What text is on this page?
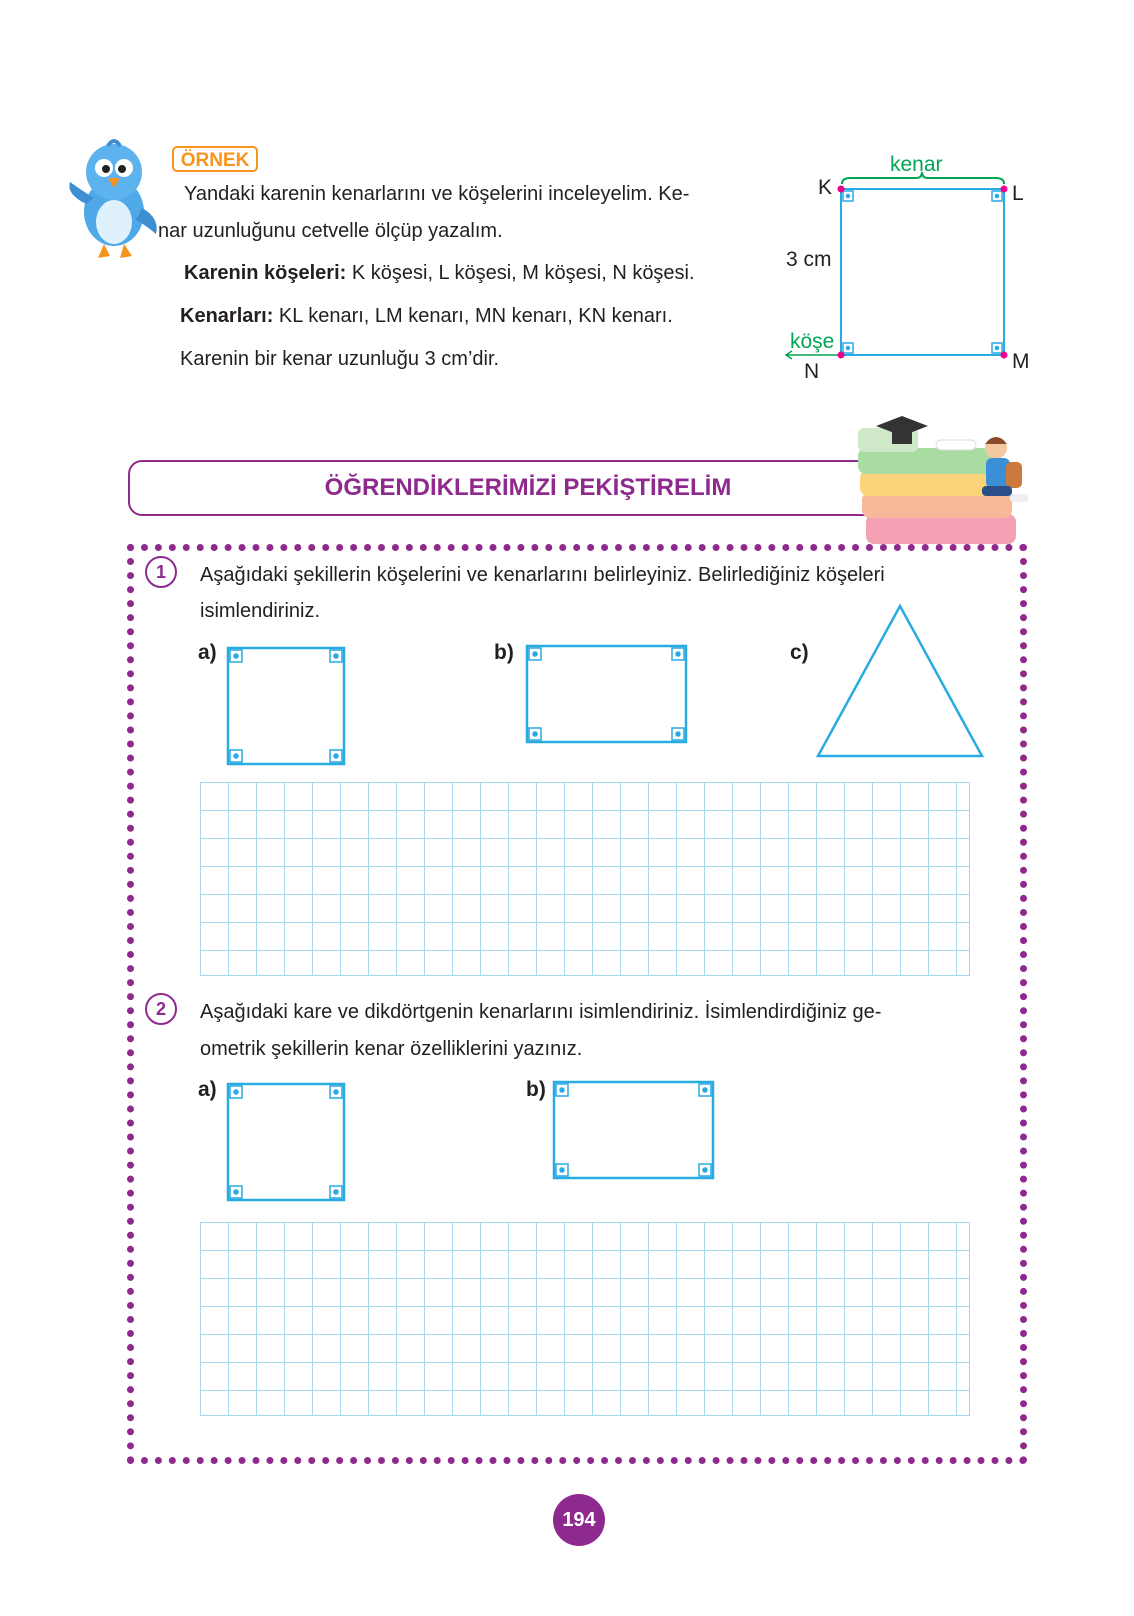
ÖRNEK
Yandaki karenin kenarlarını ve köşelerini inceleyelim. Ke-
nar uzunluğunu cetvelle ölçüp yazalım.
Karenin köşeleri: K köşesi, L köşesi, M köşesi, N köşesi.
Kenarları: KL kenarı, LM kenarı, MN kenarı, KN kenarı.
Karenin bir kenar uzunluğu 3 cm’dir.
kenar
köşe
3 cm
K	L
M
N
ÖĞRENDİKLERİMİZİ PEKİŞTİRELİM
1	Aşağıdaki şekillerin köşelerini ve kenarlarını belirleyiniz. Belirlediğiniz köşeleri
isimlendiriniz.
a)	b)	c)
2	Aşağıdaki kare ve dikdörtgenin kenarlarını isimlendiriniz. İsimlendirdiğiniz ge-
ometrik şekillerin kenar özelliklerini yazınız.
a)	b)
194
